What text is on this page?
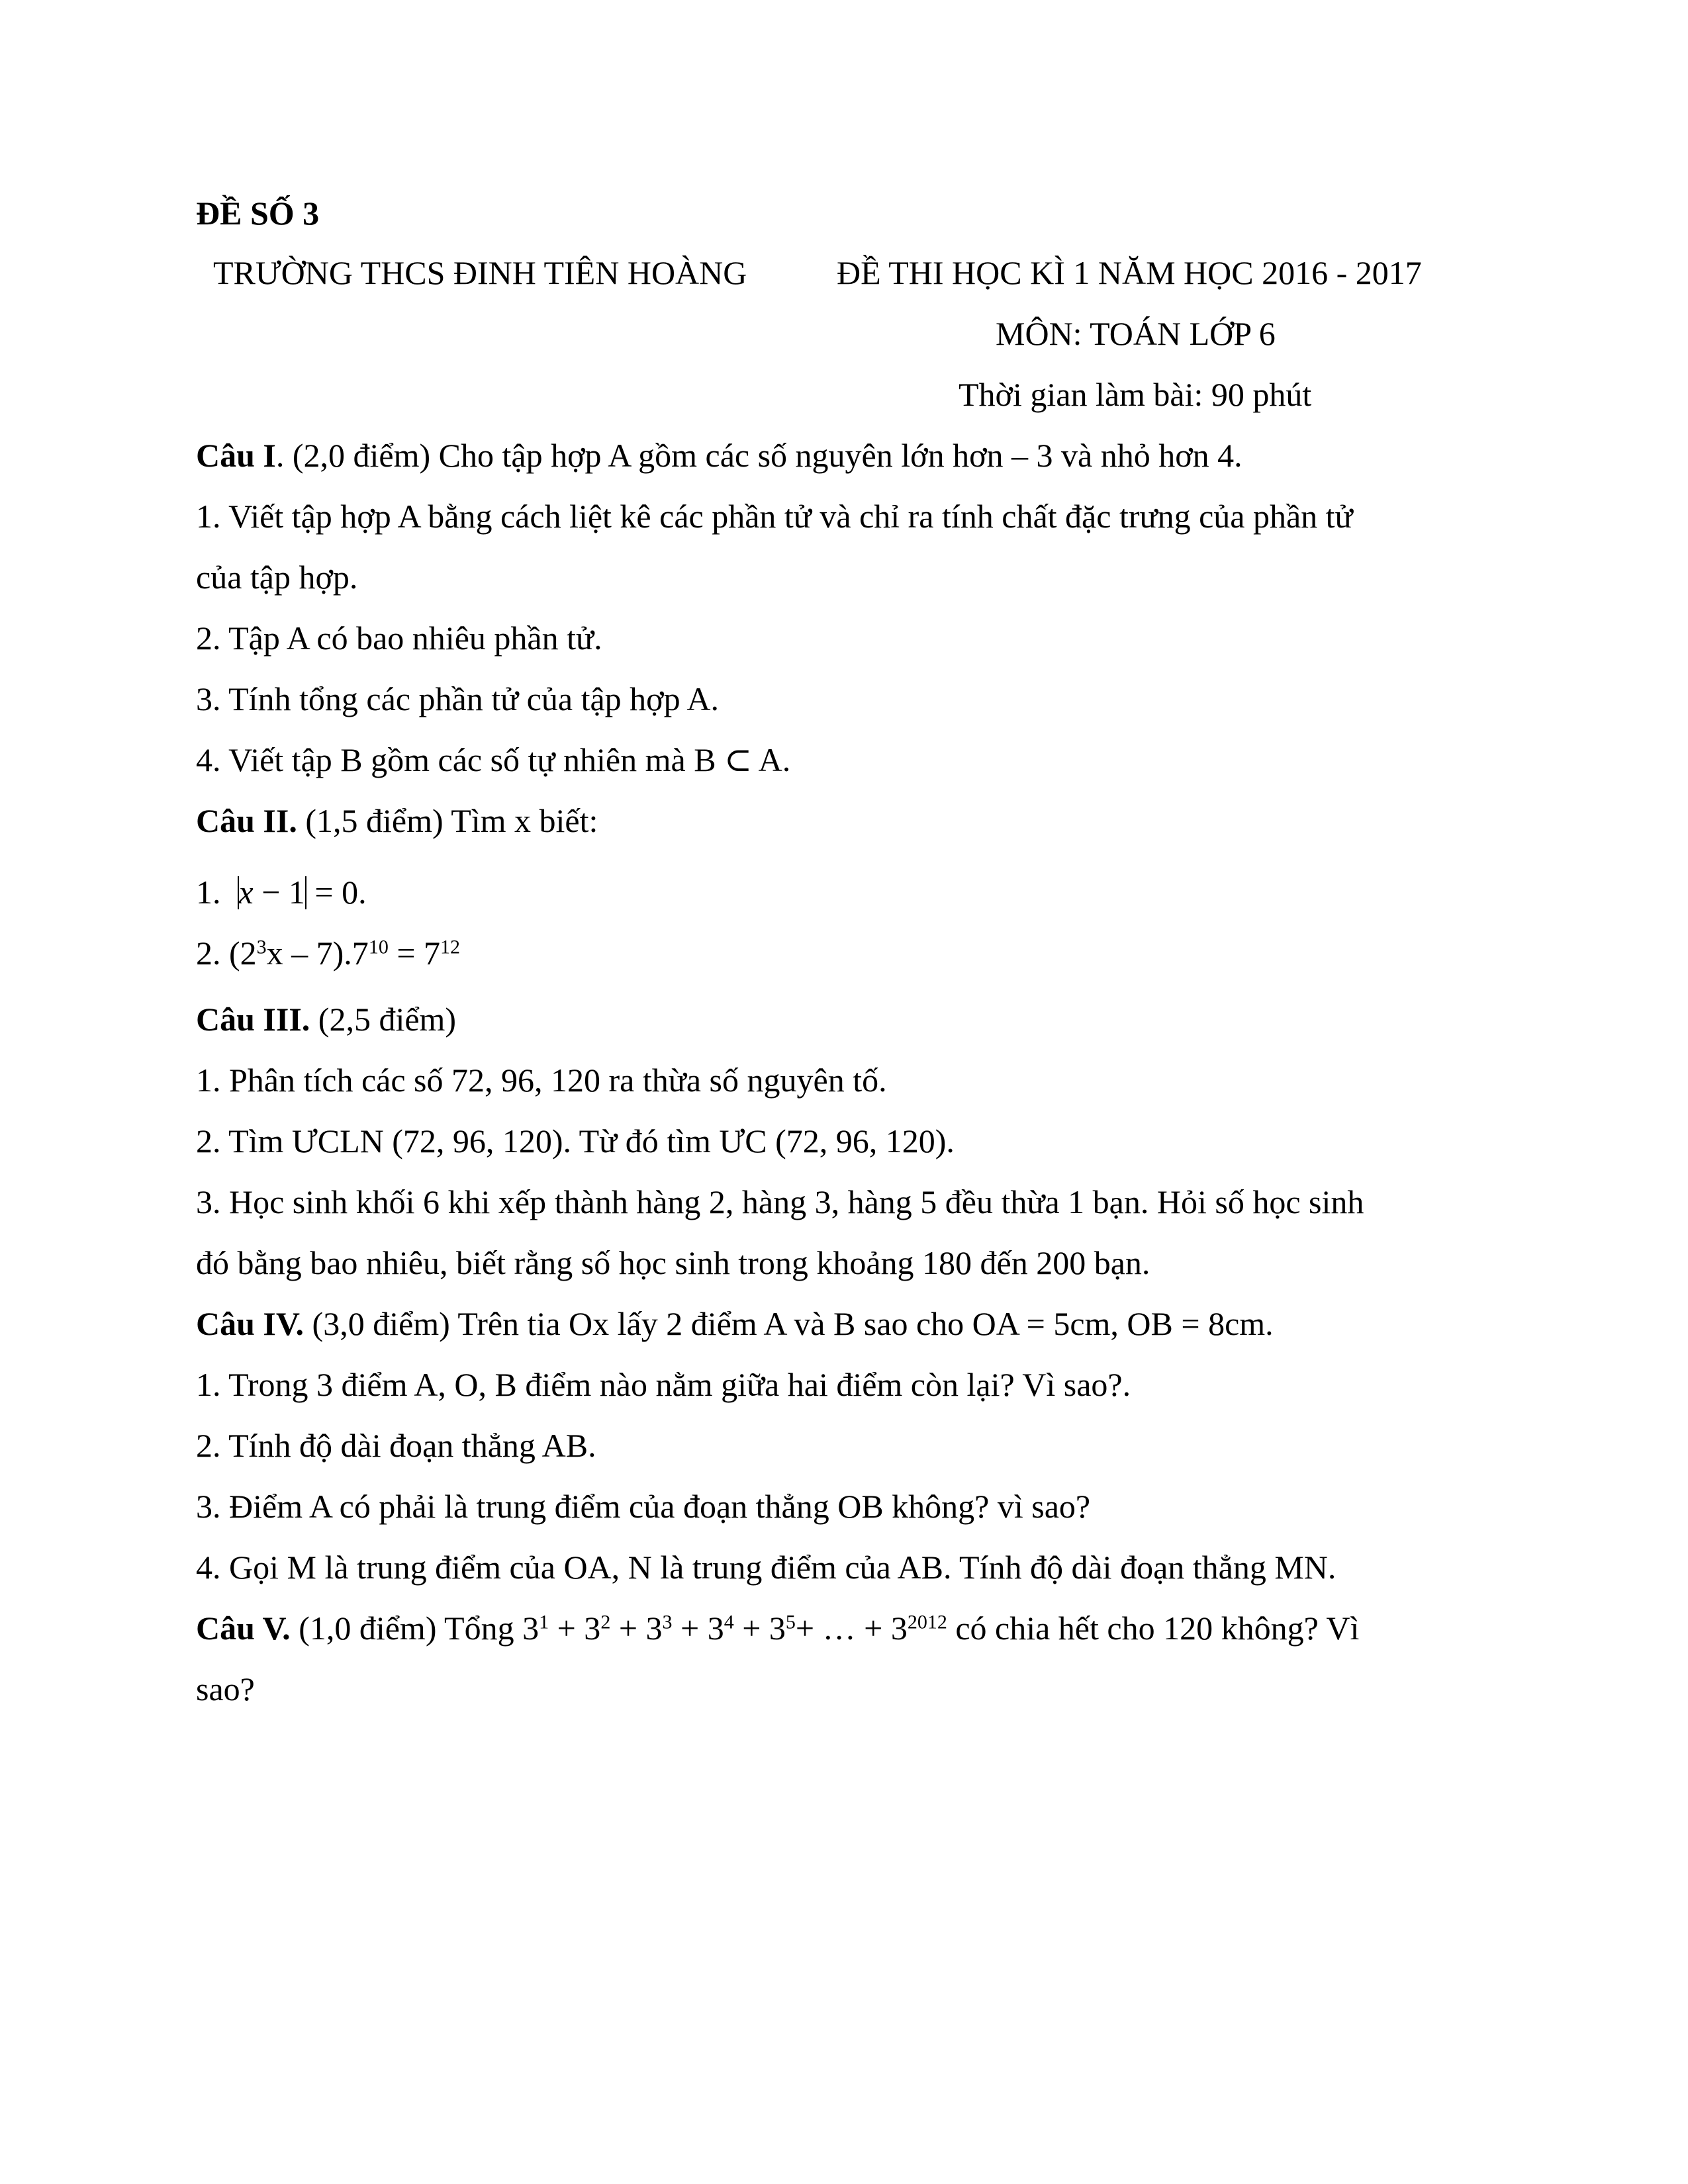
ĐỀ SỐ 3
TRƯỜNG THCS ĐINH TIÊN HOÀNG	ĐỀ THI HỌC KÌ 1 NĂM HỌC 2016 - 2017
MÔN: TOÁN LỚP 6
Thời gian làm bài: 90 phút
Câu I. (2,0 điểm) Cho tập hợp A gồm các số nguyên lớn hơn – 3 và nhỏ hơn 4.
1. Viết tập hợp A bằng cách liệt kê các phần tử và chỉ ra tính chất đặc trưng của phần tử
của tập hợp.
2. Tập A có bao nhiêu phần tử.
3. Tính tổng các phần tử của tập hợp A.
4. Viết tập B gồm các số tự nhiên mà B ⊂ A.
Câu II. (1,5 điểm) Tìm x biết:
1. x − 1 = 0.
2. $(2^3x - 7).7^{10} = 7^{12}$
Câu III. (2,5 điểm)
1. Phân tích các số 72, 96, 120 ra thừa số nguyên tố.
2. Tìm ƯCLN (72, 96, 120). Từ đó tìm ƯC (72, 96, 120).
3. Học sinh khối 6 khi xếp thành hàng 2, hàng 3, hàng 5 đều thừa 1 bạn. Hỏi số học sinh
đó bằng bao nhiêu, biết rằng số học sinh trong khoảng 180 đến 200 bạn.
Câu IV. (3,0 điểm) Trên tia Ox lấy 2 điểm A và B sao cho OA = 5cm, OB = 8cm.
1. Trong 3 điểm A, O, B điểm nào nằm giữa hai điểm còn lại? Vì sao?.
2. Tính độ dài đoạn thẳng AB.
3. Điểm A có phải là trung điểm của đoạn thẳng OB không? vì sao?
4. Gọi M là trung điểm của OA, N là trung điểm của AB. Tính độ dài đoạn thẳng MN.
Câu V. (1,0 điểm) Tổng $3^1 + 3^2 + 3^3 + 3^4 + 3^5+$ … + $3^{2012}$ có chia hết cho 120 không? Vì
sao?
